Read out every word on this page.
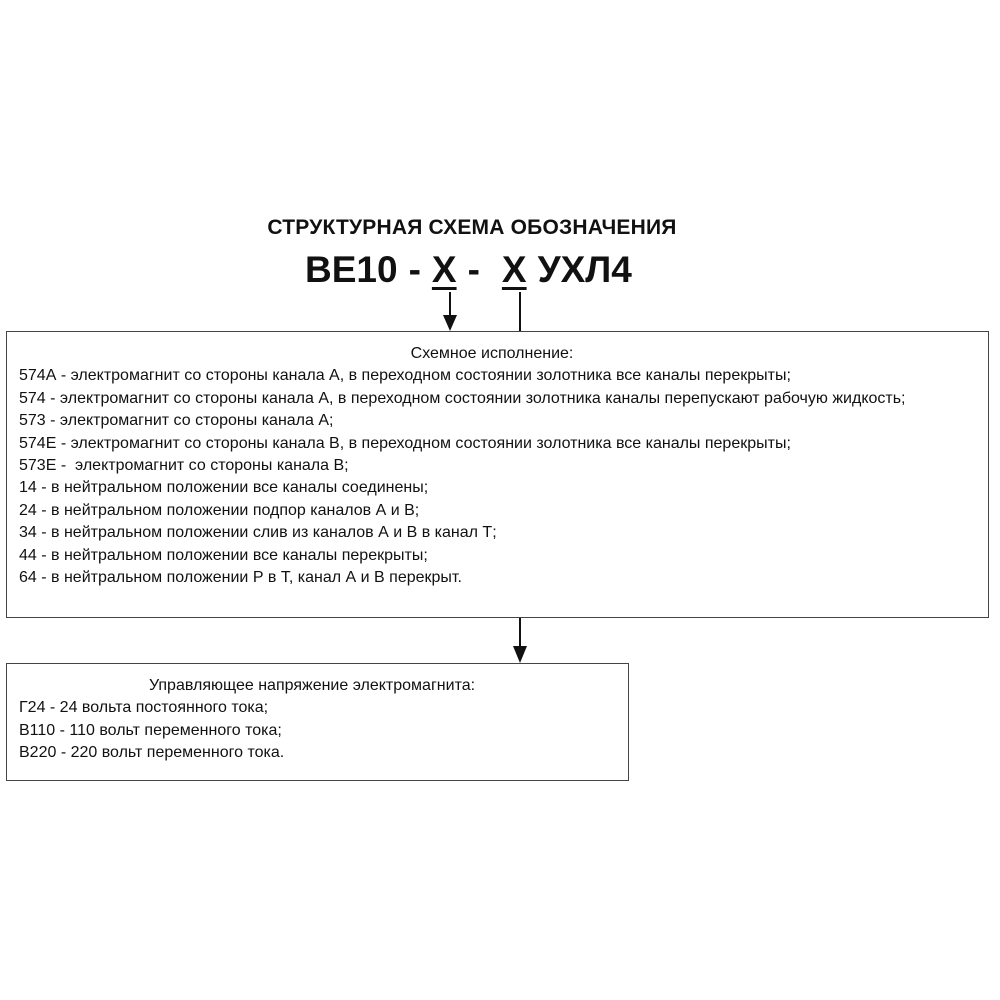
СТРУКТУРНАЯ СХЕМА ОБОЗНАЧЕНИЯ
ВЕ10 - Х - Х УХЛ4
Схемное исполнение:
574А - электромагнит со стороны канала А, в переходном состоянии золотника все каналы перекрыты;
574 - электромагнит со стороны канала А, в переходном состоянии золотника каналы перепускают рабочую жидкость;
573 - электромагнит со стороны канала А;
574Е - электромагнит со стороны канала В, в переходном состоянии золотника все каналы перекрыты;
573Е -  электромагнит со стороны канала В;
14 - в нейтральном положении все каналы соединены;
24 - в нейтральном положении подпор каналов А и В;
34 - в нейтральном положении слив из каналов А и В в канал Т;
44 - в нейтральном положении все каналы перекрыты;
64 - в нейтральном положении Р в Т, канал А и В перекрыт.
Управляющее напряжение электромагнита:
Г24 - 24 вольта постоянного тока;
В110 - 110 вольт переменного тока;
В220 - 220 вольт переменного тока.
